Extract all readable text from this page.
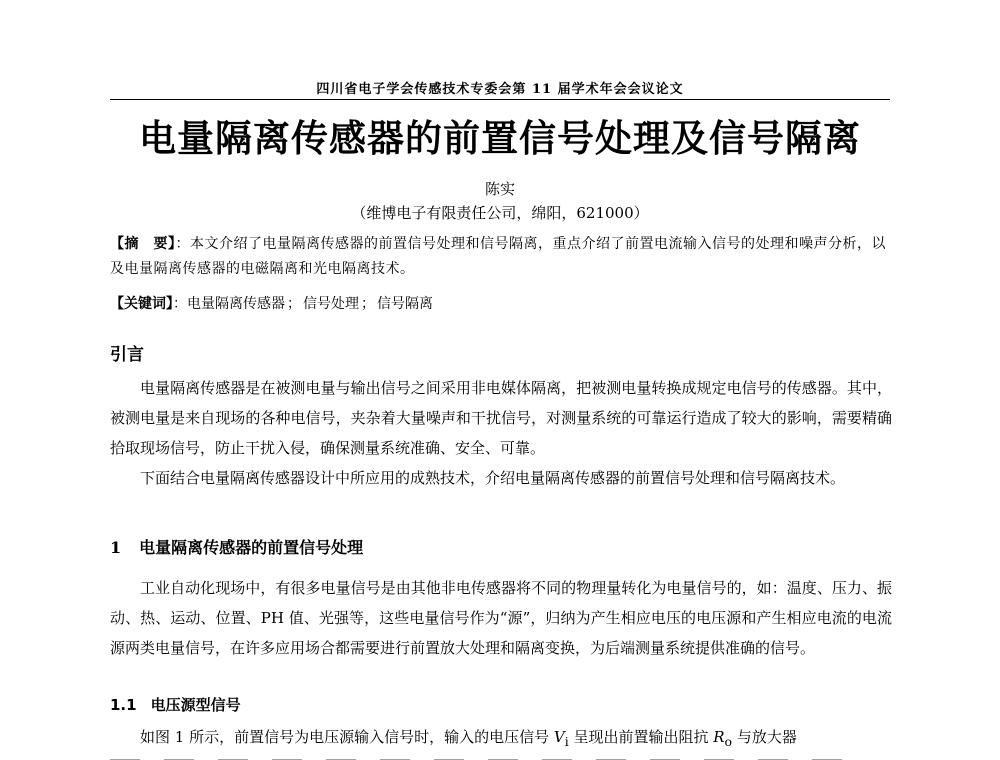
四川省电子学会传感技术专委会第 11 届学术年会会议论文
电量隔离传感器的前置信号处理及信号隔离
陈实
（维博电子有限责任公司，绵阳，621000）
【摘　要】：本文介绍了电量隔离传感器的前置信号处理和信号隔离，重点介绍了前置电流输入信号的处理和噪声分析，以及电量隔离传感器的电磁隔离和光电隔离技术。
【关键词】：电量隔离传感器 ； 信号处理 ； 信号隔离
引言
电量隔离传感器是在被测电量与输出信号之间采用非电媒体隔离，把被测电量转换成规定电信号的传感器。其中，被测电量是来自现场的各种电信号，夹杂着大量噪声和干扰信号，对测量系统的可靠运行造成了较大的影响，需要精确拾取现场信号，防止干扰入侵，确保测量系统准确、安全、可靠。
下面结合电量隔离传感器设计中所应用的成熟技术，介绍电量隔离传感器的前置信号处理和信号隔离技术。
1 电量隔离传感器的前置信号处理
工业自动化现场中，有很多电量信号是由其他非电传感器将不同的物理量转化为电量信号的，如：温度、压力、振动、热、运动、位置、PH 值、光强等，这些电量信号作为“源”，归纳为产生相应电压的电压源和产生相应电流的电流源两类电量信号，在许多应用场合都需要进行前置放大处理和隔离变换，为后端测量系统提供准确的信号。
1.1 电压源型信号
如图 1 所示，前置信号为电压源输入信号时，输入的电压信号 $V_i$ 呈现出前置输出阻抗 $R_o$ 与放大器
